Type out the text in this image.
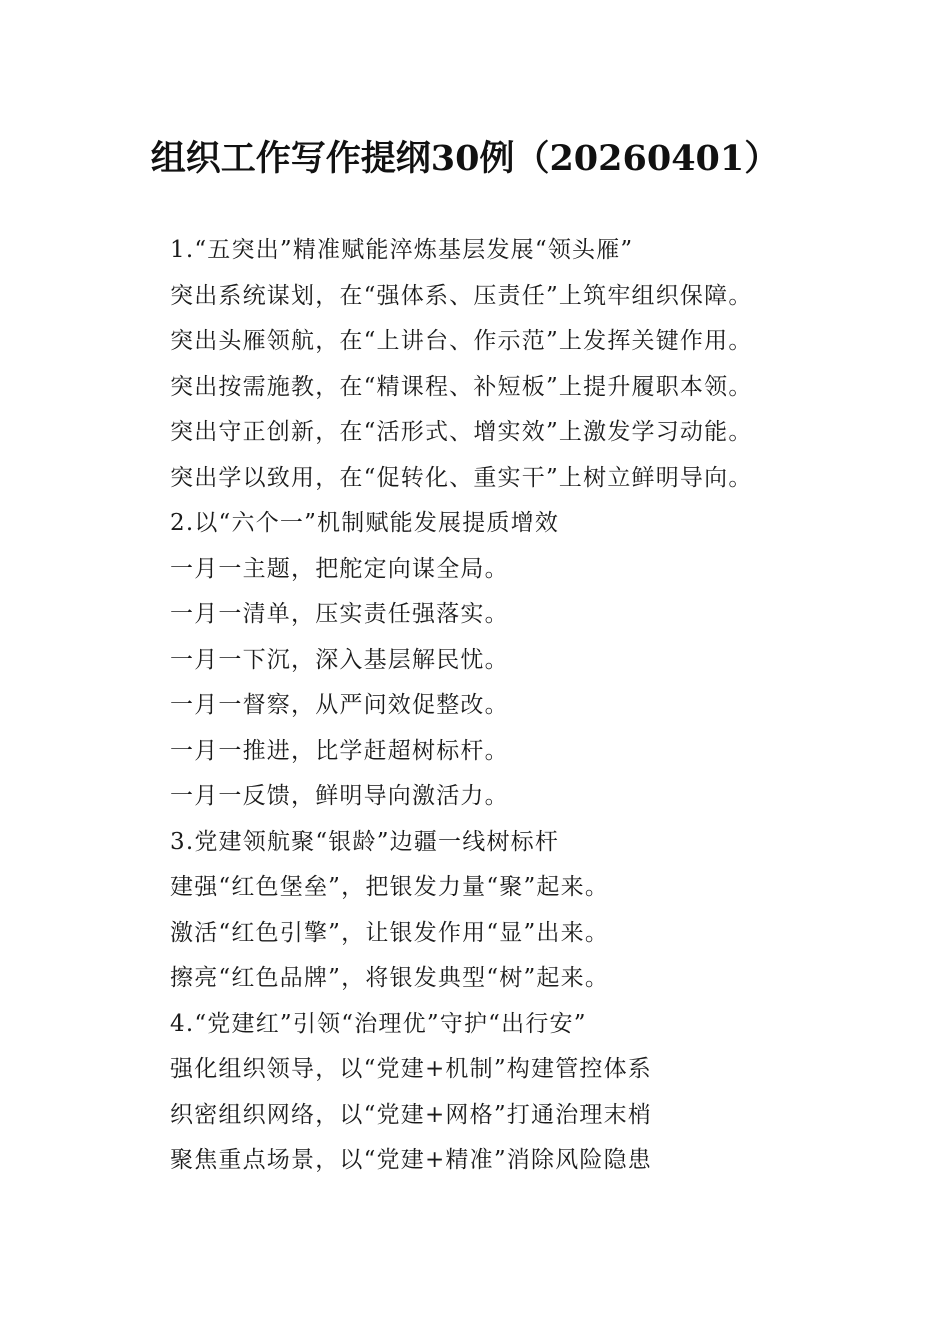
组织工作写作提纲30例（20260401）
1.“五突出”精准赋能淬炼基层发展“领头雁”
突出系统谋划，在“强体系、压责任”上筑牢组织保障。
突出头雁领航，在“上讲台、作示范”上发挥关键作用。
突出按需施教，在“精课程、补短板”上提升履职本领。
突出守正创新，在“活形式、增实效”上激发学习动能。
突出学以致用，在“促转化、重实干”上树立鲜明导向。
2.以“六个一”机制赋能发展提质增效
一月一主题，把舵定向谋全局。
一月一清单，压实责任强落实。
一月一下沉，深入基层解民忧。
一月一督察，从严问效促整改。
一月一推进，比学赶超树标杆。
一月一反馈，鲜明导向激活力。
3.党建领航聚“银龄”边疆一线树标杆
建强“红色堡垒”，把银发力量“聚”起来。
激活“红色引擎”，让银发作用“显”出来。
擦亮“红色品牌”，将银发典型“树”起来。
4.“党建红”引领“治理优”守护“出行安”
强化组织领导，以“党建+机制”构建管控体系
织密组织网络，以“党建+网格”打通治理末梢
聚焦重点场景，以“党建+精准”消除风险隐患
